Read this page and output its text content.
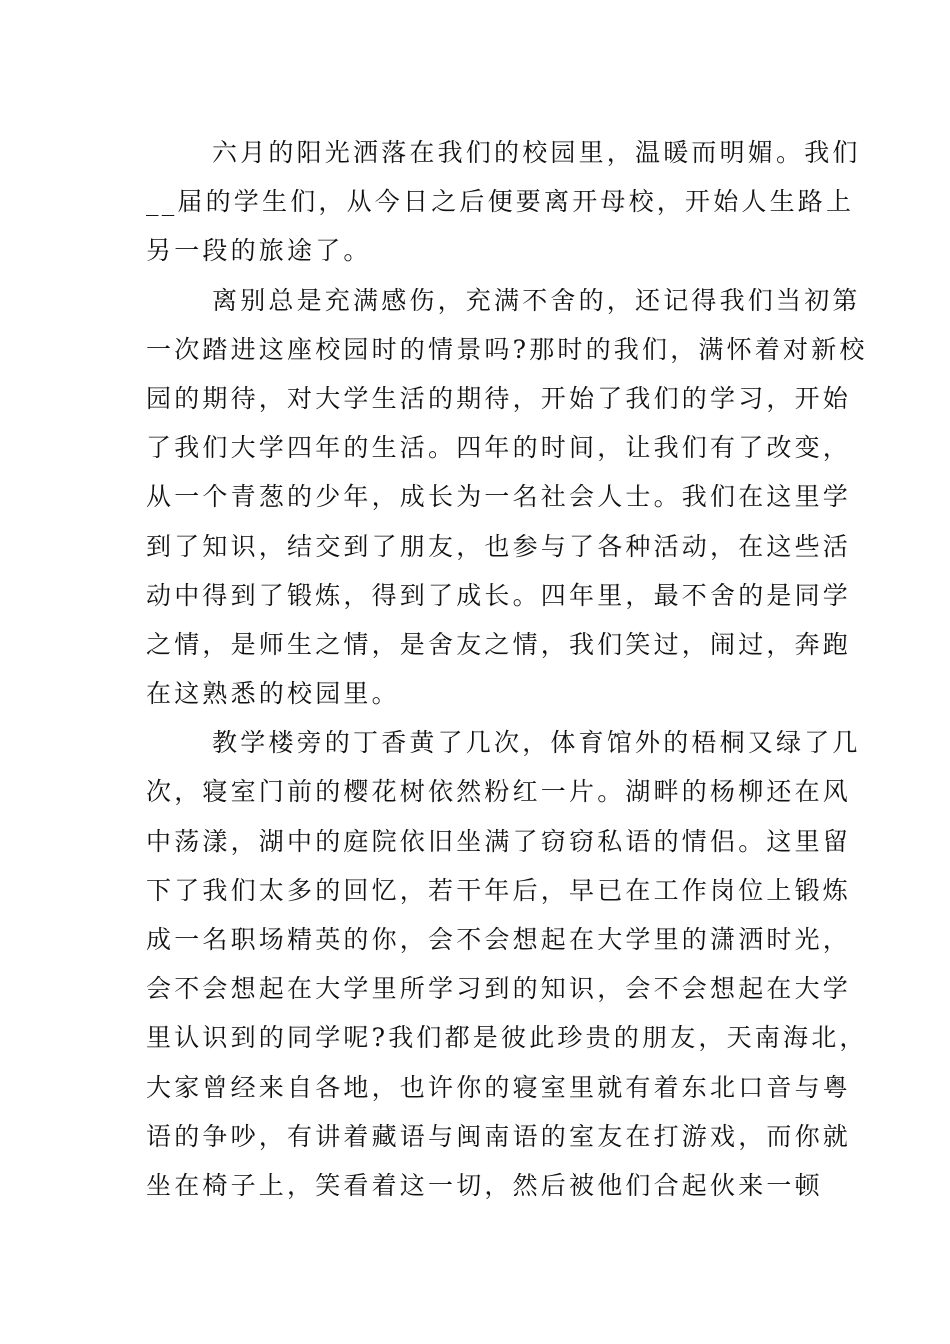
六月的阳光洒落在我们的校园里，温暖而明媚。我们
__届的学生们，从今日之后便要离开母校，开始人生路上
另一段的旅途了。
离别总是充满感伤，充满不舍的，还记得我们当初第
一次踏进这座校园时的情景吗?那时的我们，满怀着对新校
园的期待，对大学生活的期待，开始了我们的学习，开始
了我们大学四年的生活。四年的时间，让我们有了改变，
从一个青葱的少年，成长为一名社会人士。我们在这里学
到了知识，结交到了朋友，也参与了各种活动，在这些活
动中得到了锻炼，得到了成长。四年里，最不舍的是同学
之情，是师生之情，是舍友之情，我们笑过，闹过，奔跑
在这熟悉的校园里。
教学楼旁的丁香黄了几次，体育馆外的梧桐又绿了几
次，寝室门前的樱花树依然粉红一片。湖畔的杨柳还在风
中荡漾，湖中的庭院依旧坐满了窃窃私语的情侣。这里留
下了我们太多的回忆，若干年后，早已在工作岗位上锻炼
成一名职场精英的你，会不会想起在大学里的潇洒时光，
会不会想起在大学里所学习到的知识，会不会想起在大学
里认识到的同学呢?我们都是彼此珍贵的朋友，天南海北，
大家曾经来自各地，也许你的寝室里就有着东北口音与粤
语的争吵，有讲着藏语与闽南语的室友在打游戏，而你就
坐在椅子上，笑看着这一切，然后被他们合起伙来一顿
